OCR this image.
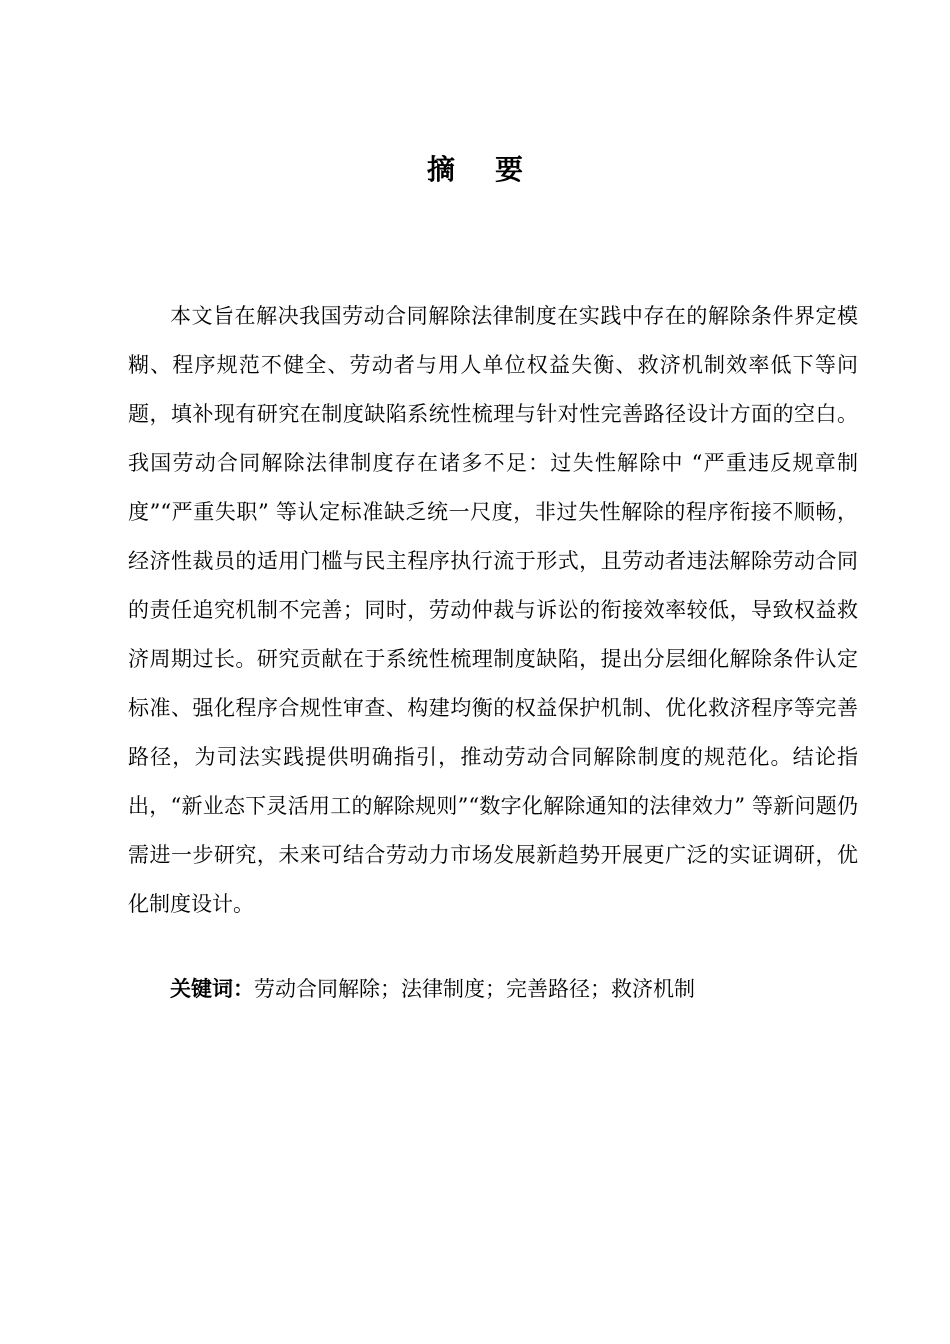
摘 要

本文旨在解决我国劳动合同解除法律制度在实践中存在的解除条件界定模糊、程序规范不健全、劳动者与用人单位权益失衡、救济机制效率低下等问题，填补现有研究在制度缺陷系统性梳理与针对性完善路径设计方面的空白。我国劳动合同解除法律制度存在诸多不足：过失性解除中 “严重违反规章制度”“严重失职” 等认定标准缺乏统一尺度，非过失性解除的程序衔接不顺畅，经济性裁员的适用门槛与民主程序执行流于形式，且劳动者违法解除劳动合同的责任追究机制不完善；同时，劳动仲裁与诉讼的衔接效率较低，导致权益救济周期过长。研究贡献在于系统性梳理制度缺陷，提出分层细化解除条件认定标准、强化程序合规性审查、构建均衡的权益保护机制、优化救济程序等完善路径，为司法实践提供明确指引，推动劳动合同解除制度的规范化。结论指出，“新业态下灵活用工的解除规则”“数字化解除通知的法律效力” 等新问题仍需进一步研究，未来可结合劳动力市场发展新趋势开展更广泛的实证调研，优化制度设计。

关键词：劳动合同解除；法律制度；完善路径；救济机制
